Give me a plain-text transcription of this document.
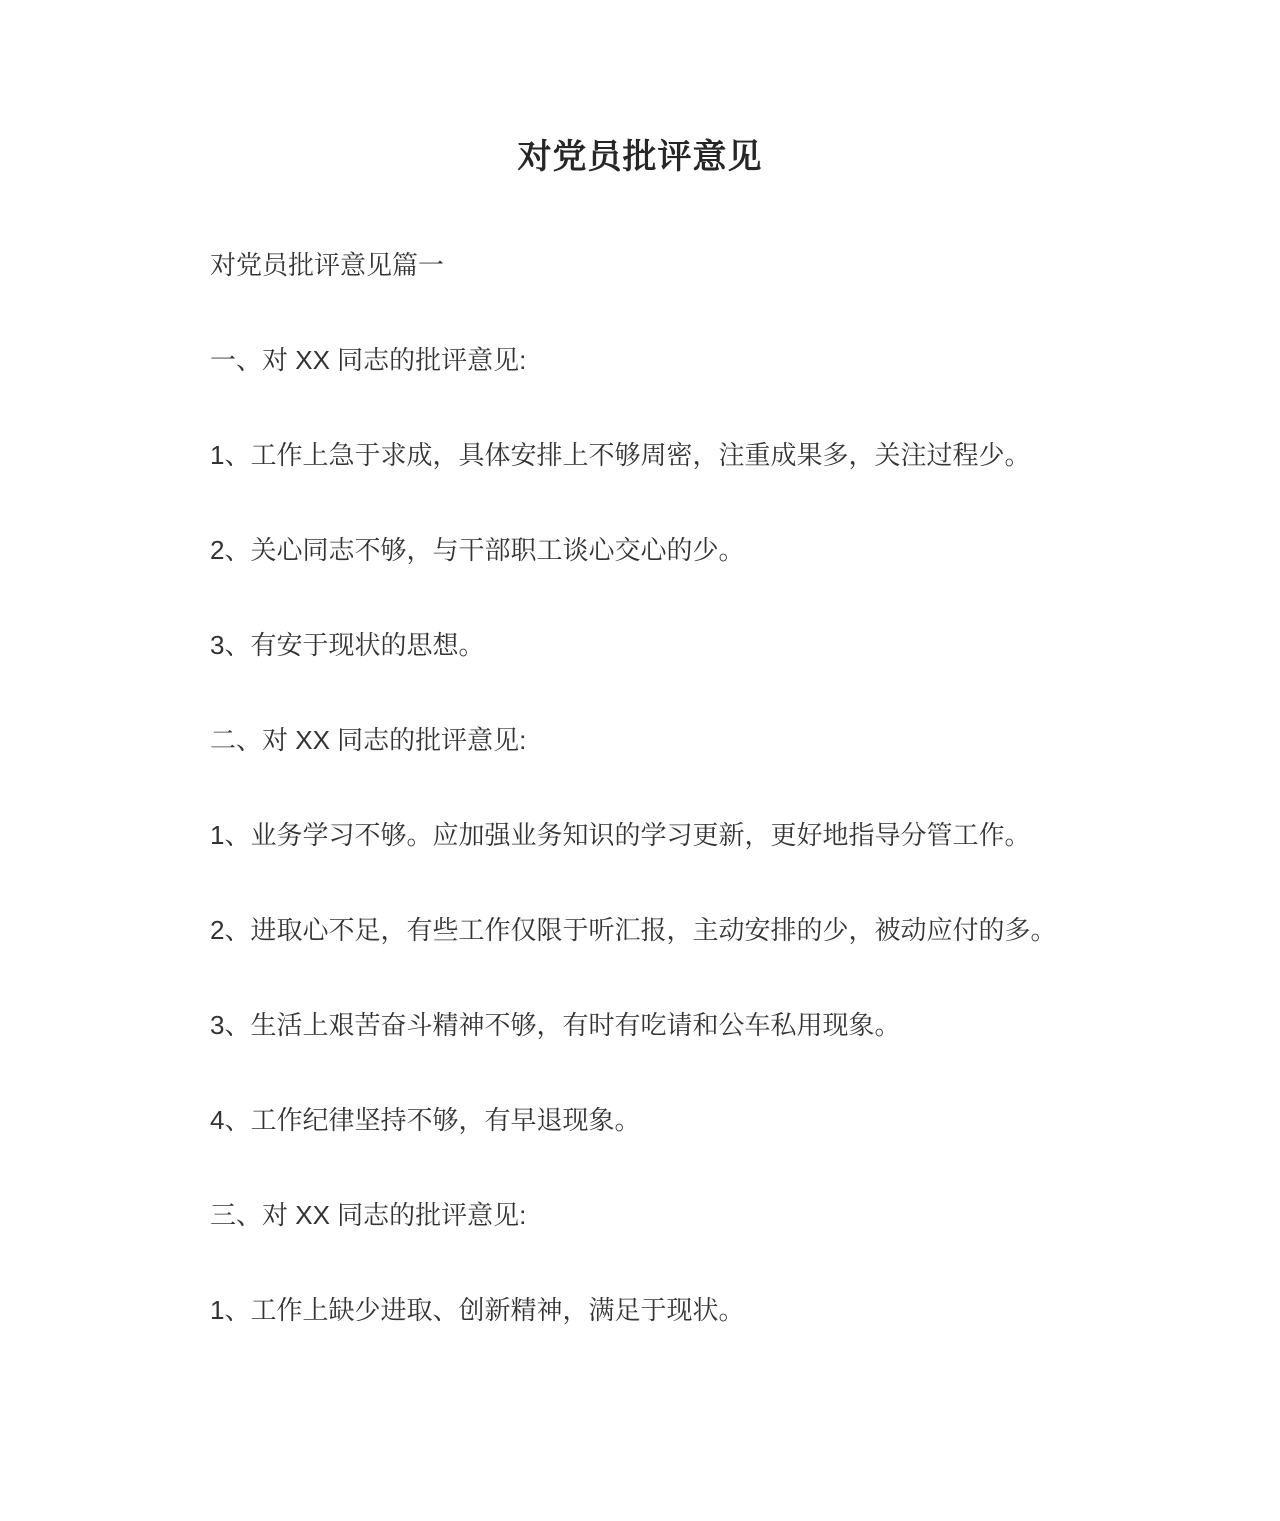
对党员批评意见

对党员批评意见篇一

一、对 XX 同志的批评意见:

1、工作上急于求成，具体安排上不够周密，注重成果多，关注过程少。

2、关心同志不够，与干部职工谈心交心的少。

3、有安于现状的思想。

二、对 XX 同志的批评意见:

1、业务学习不够。应加强业务知识的学习更新，更好地指导分管工作。

2、进取心不足，有些工作仅限于听汇报，主动安排的少，被动应付的多。

3、生活上艰苦奋斗精神不够，有时有吃请和公车私用现象。

4、工作纪律坚持不够，有早退现象。

三、对 XX 同志的批评意见:

1、工作上缺少进取、创新精神，满足于现状。
